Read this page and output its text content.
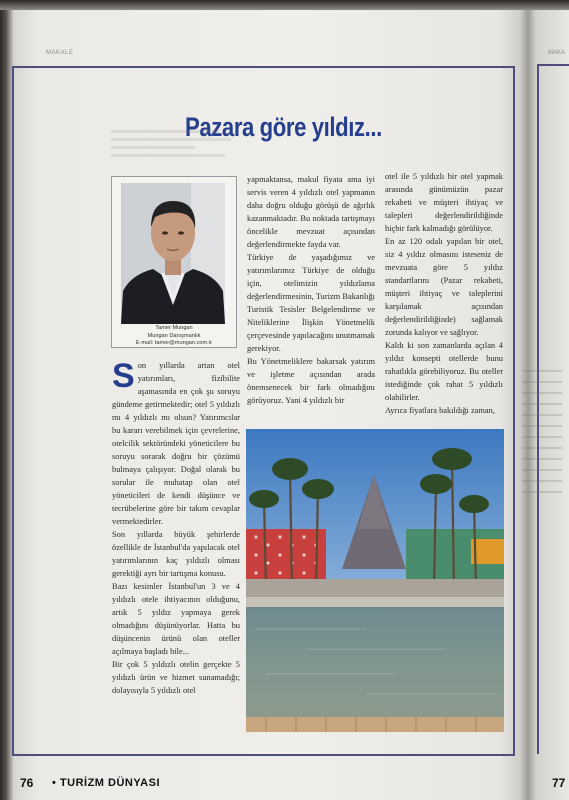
MAKALE	MAKA
Pazara göre yıldız...
Tamer Mungan
Mungan Danışmanlık
E-mail: tamer@mungan.com.tr

Son yıllarda artan otel yatırımları, fizibilite aşamasında en çok şu soruyu gündeme getirmektedir; otel 5 yıldızlı mı 4 yıldızlı mı olsun? Yatırımcılar bu kararı verebilmek için çevrelerine, otelcilik sektöründeki yöneticilere bu soruyu sorarak doğru bir çözümü bulmaya çalışıyor. Doğal olarak bu sorular ile muhatap olan otel yöneticileri de kendi düşünce ve tecrübelerine göre bir takım cevaplar vermektedirler.

Son yıllarda büyük şehirlerde özellikle de İstanbul'da yapılacak otel yatırımlarının kaç yıldızlı olması gerektiği ayrı bir tartışma konusu.

Bazı kesimler İstanbul'un 3 ve 4 yıldızlı otele ihtiyacının olduğunu, artık 5 yıldız yapmaya gerek olmadığını düşünüyorlar. Hatta bu düşüncenin ürünü olan oteller açılmaya başladı bile...

Bir çok 5 yıldızlı otelin gerçekte 5 yıldızlı ürün ve hizmet sunamadığı; dolayısıyla 5 yıldızlı otel

yapmaktansa, makul fiyata ama iyi servis veren 4 yıldızlı otel yapmanın daha doğru olduğu görüşü de ağırlık kazanmaktadır. Bu noktada tartışmayı öncelikle mevzuat açısından değerlendirmekte fayda var.

Türkiye de yaşadığımız ve yatırımlarımız Türkiye de olduğu için, otelimizin yıldızlama değerlendirmesinin, Turizm Bakanlığı Turistik Tesisler Belgelendirme ve Niteliklerine İlişkin Yönetmelik çerçevesinde yapılacağını unutmamak gerekiyor.

Bu Yönetmeliklere bakarsak yatırım ve işletme açısından arada önemsenecek bir fark olmadığını görüyoruz. Yani 4 yıldızlı bir

otel ile 5 yıldızlı bir otel yapmak arasında günümüzün pazar rekabeti ve müşteri ihtiyaç ve talepleri değerlendirildiğinde hiçbir fark kalmadığı görülüyor.

En az 120 odalı yapılan bir otel, siz 4 yıldız olmasını isteseniz de mevzuata göre 5 yıldız standartlarını (Pazar rekabeti, müşteri ihtiyaç ve taleplerini karşılamak açısından değerlendirildiğinde) sağlamak zorunda kalıyor ve sağlıyor.

Kaldı ki son zamanlarda açılan 4 yıldız konsepti otellerde bunu rahatlıkla görebiliyoruz. Bu oteller istediğinde çok rahat 5 yıldızlı olabilirler.

Ayrıca fiyatlara bakıldığı zaman,

76 • TURİZM DÜNYASI	77
